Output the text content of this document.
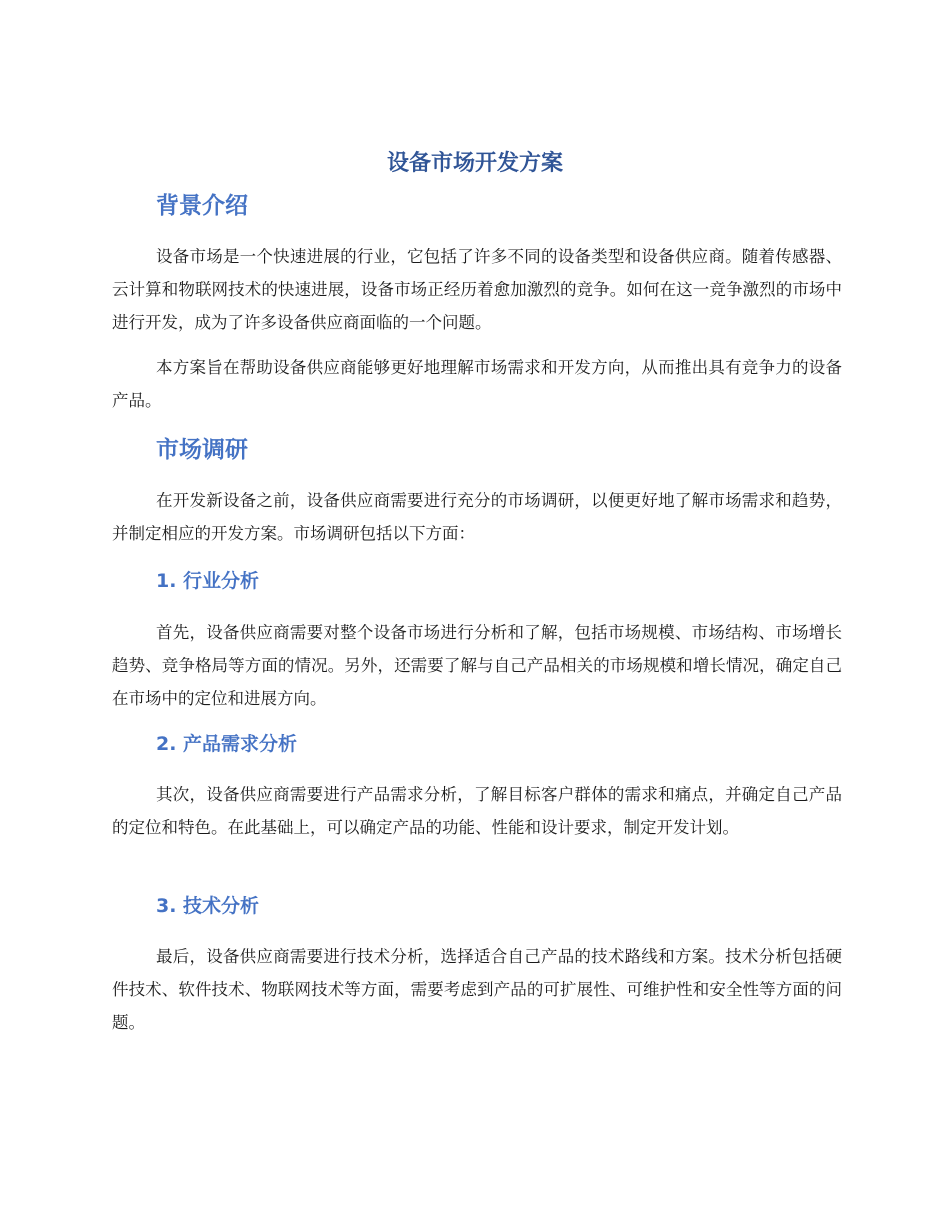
设备市场开发方案
背景介绍

设备市场是一个快速进展的行业，它包括了许多不同的设备类型和设备供应商。随着传感器、云计算和物联网技术的快速进展，设备市场正经历着愈加激烈的竞争。如何在这一竞争激烈的市场中进行开发，成为了许多设备供应商面临的一个问题。

本方案旨在帮助设备供应商能够更好地理解市场需求和开发方向，从而推出具有竞争力的设备产品。

市场调研

在开发新设备之前，设备供应商需要进行充分的市场调研，以便更好地了解市场需求和趋势，并制定相应的开发方案。市场调研包括以下方面：

1. 行业分析

首先，设备供应商需要对整个设备市场进行分析和了解，包括市场规模、市场结构、市场增长趋势、竞争格局等方面的情况。另外，还需要了解与自己产品相关的市场规模和增长情况，确定自己在市场中的定位和进展方向。

2. 产品需求分析

其次，设备供应商需要进行产品需求分析，了解目标客户群体的需求和痛点，并确定自己产品的定位和特色。在此基础上，可以确定产品的功能、性能和设计要求，制定开发计划。

3. 技术分析

最后，设备供应商需要进行技术分析，选择适合自己产品的技术路线和方案。技术分析包括硬件技术、软件技术、物联网技术等方面，需要考虑到产品的可扩展性、可维护性和安全性等方面的问题。
